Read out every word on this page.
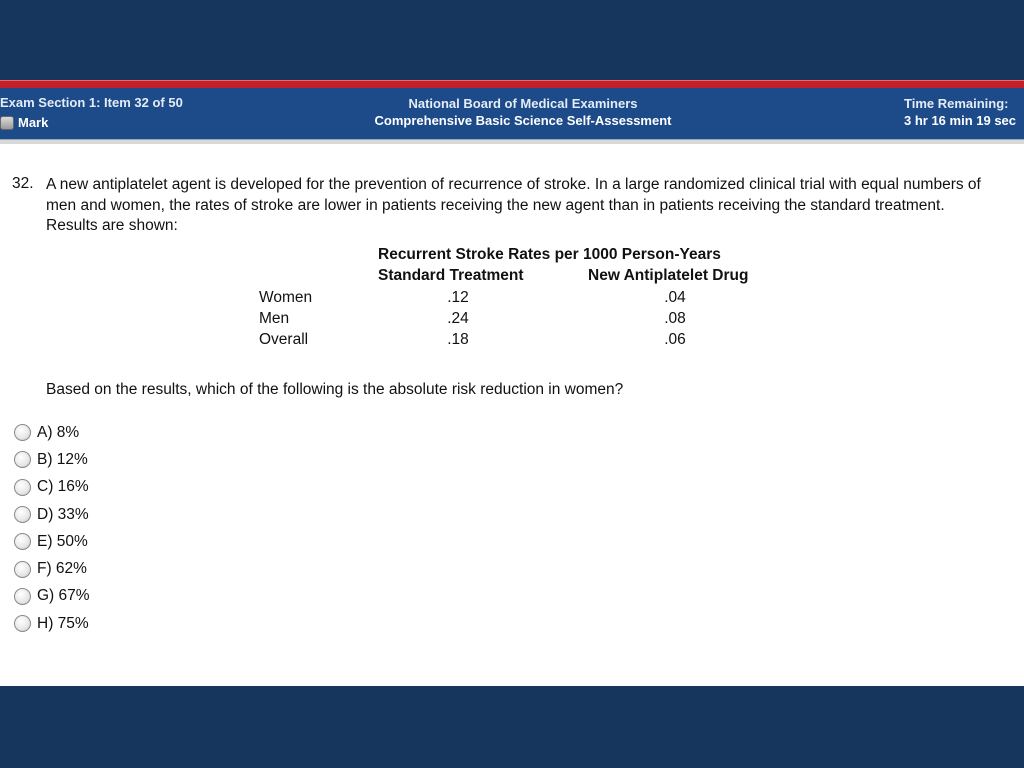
Exam Section 1: Item 32 of 50
Mark
National Board of Medical Examiners
Comprehensive Basic Science Self-Assessment
Time Remaining:
3 hr 16 min 19 sec
32. A new antiplatelet agent is developed for the prevention of recurrence of stroke. In a large randomized clinical trial with equal numbers of men and women, the rates of stroke are lower in patients receiving the new agent than in patients receiving the standard treatment. Results are shown:
Recurrent Stroke Rates per 1000 Person-Years
Standard Treatment	New Antiplatelet Drug
Women	.12	.04
Men	.24	.08
Overall	.18	.06
Based on the results, which of the following is the absolute risk reduction in women?
A) 8%
B) 12%
C) 16%
D) 33%
E) 50%
F) 62%
G) 67%
H) 75%
